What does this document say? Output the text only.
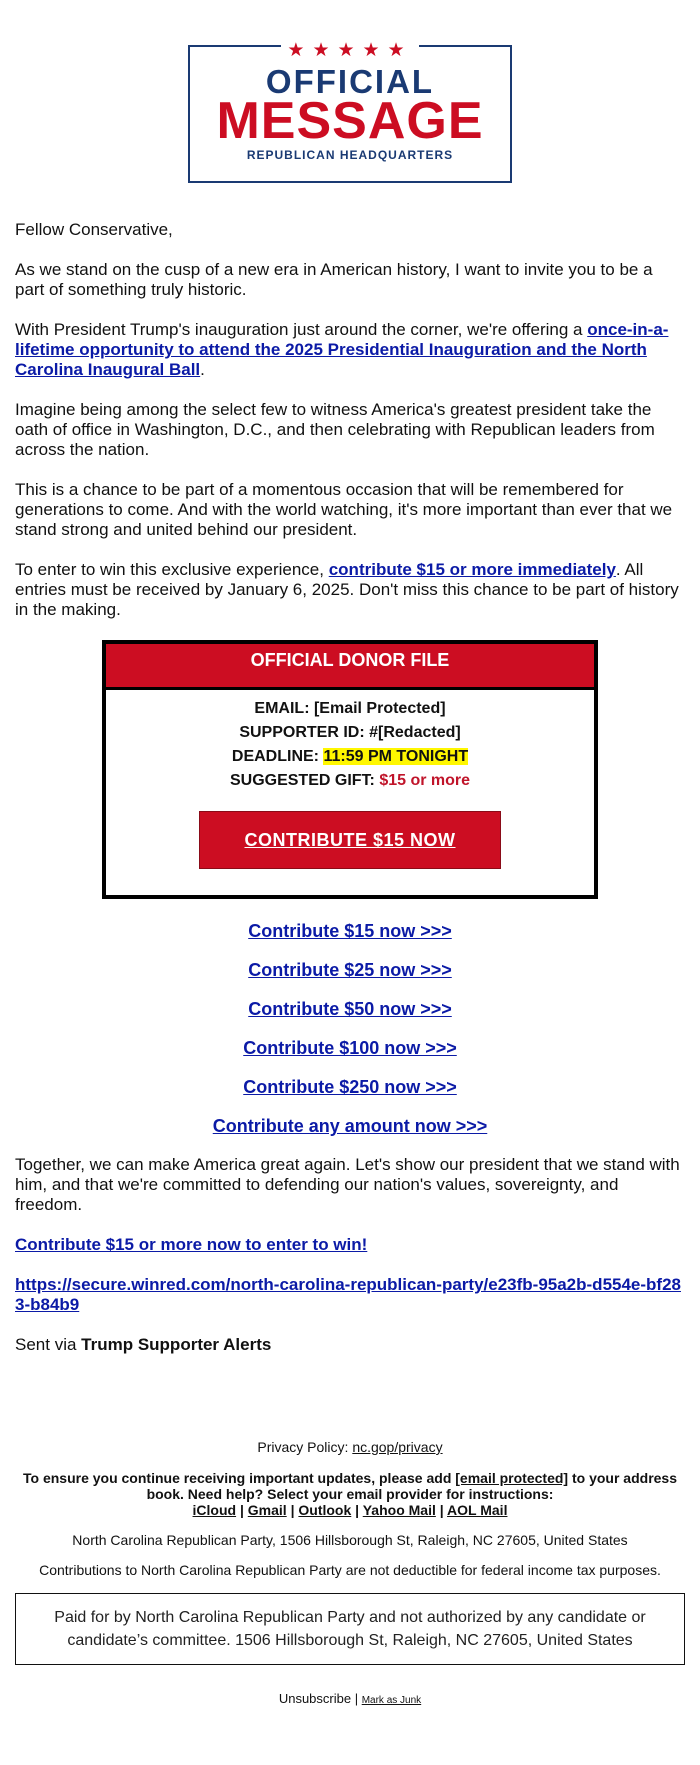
★★★★★
OFFICIAL
MESSAGE
REPUBLICAN HEADQUARTERS

Fellow Conservative,

As we stand on the cusp of a new era in American history, I want to invite you to be a part of something truly historic.

With President Trump's inauguration just around the corner, we're offering a once-in-a-lifetime opportunity to attend the 2025 Presidential Inauguration and the North Carolina Inaugural Ball.

Imagine being among the select few to witness America's greatest president take the oath of office in Washington, D.C., and then celebrating with Republican leaders from across the nation.

This is a chance to be part of a momentous occasion that will be remembered for generations to come. And with the world watching, it's more important than ever that we stand strong and united behind our president.

To enter to win this exclusive experience, contribute $15 or more immediately. All entries must be received by January 6, 2025. Don't miss this chance to be part of history in the making.

OFFICIAL DONOR FILE
EMAIL: [Email Protected]
SUPPORTER ID: #[Redacted]
DEADLINE: 11:59 PM TONIGHT
SUGGESTED GIFT: $15 or more
CONTRIBUTE $15 NOW
Contribute $15 now >>>
Contribute $25 now >>>
Contribute $50 now >>>
Contribute $100 now >>>
Contribute $250 now >>>
Contribute any amount now >>>

Together, we can make America great again. Let's show our president that we stand with him, and that we're committed to defending our nation's values, sovereignty, and freedom.

Contribute $15 or more now to enter to win!

https://secure.winred.com/north-carolina-republican-party/e23fb-95a2b-d554e-bf283-b84b9

Sent via Trump Supporter Alerts

Privacy Policy: nc.gop/privacy
To ensure you continue receiving important updates, please add [email protected] to your address book. Need help? Select your email provider for instructions:
iCloud | Gmail | Outlook | Yahoo Mail | AOL Mail
North Carolina Republican Party, 1506 Hillsborough St, Raleigh, NC 27605, United States
Contributions to North Carolina Republican Party are not deductible for federal income tax purposes.
Paid for by North Carolina Republican Party and not authorized by any candidate or candidate’s committee. 1506 Hillsborough St, Raleigh, NC 27605, United States
Unsubscribe | Mark as Junk
